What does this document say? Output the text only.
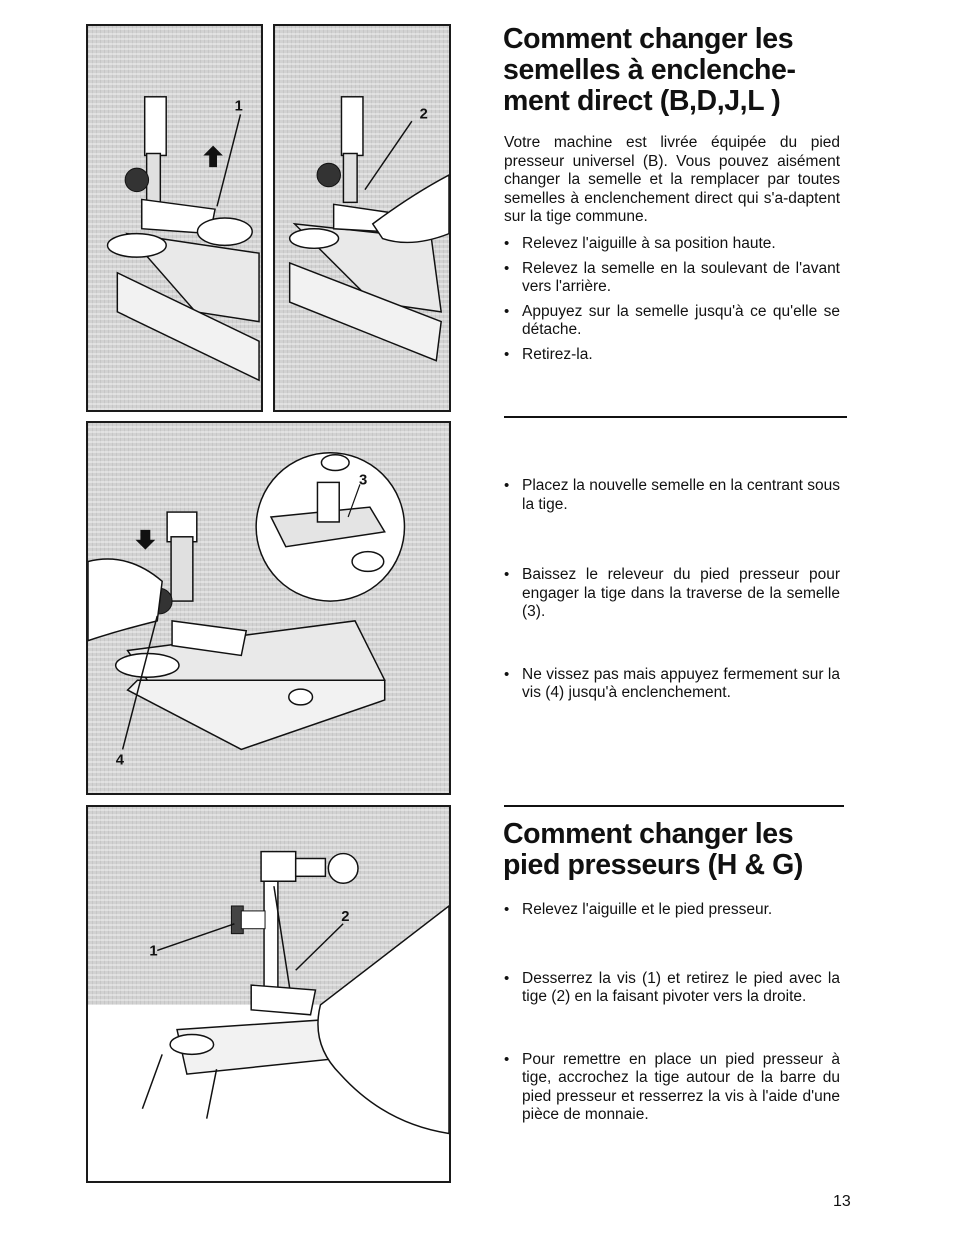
1	2
3
4
1
2
Comment changer les
semelles à enclenche-
ment direct (B,D,J,L )

Votre machine est livrée équipée du pied presseur universel (B). Vous pouvez aisément changer la semelle et la remplacer par toutes semelles à enclenchement direct qui s'a-daptent sur la tige commune.

• Relevez l'aiguille à sa position haute.
• Relevez la semelle en la soulevant de l'avant vers l'arrière.
• Appuyez sur la semelle jusqu'à ce qu'elle se détache.
• Retirez-la.
• Placez la nouvelle semelle en la centrant sous la tige.
• Baissez le releveur du pied presseur pour engager la tige dans la traverse de la semelle (3).
• Ne vissez pas mais appuyez fermement sur la vis (4) jusqu'à enclenchement.
Comment changer les
pied presseurs (H & G)
• Relevez l'aiguille et le pied presseur.
• Desserrez la vis (1) et retirez le pied avec la tige (2) en la faisant pivoter vers la droite.
• Pour remettre en place un pied presseur à tige, accrochez la tige autour de la barre du pied presseur et resserrez la vis à l'aide d'une pièce de monnaie.
13
